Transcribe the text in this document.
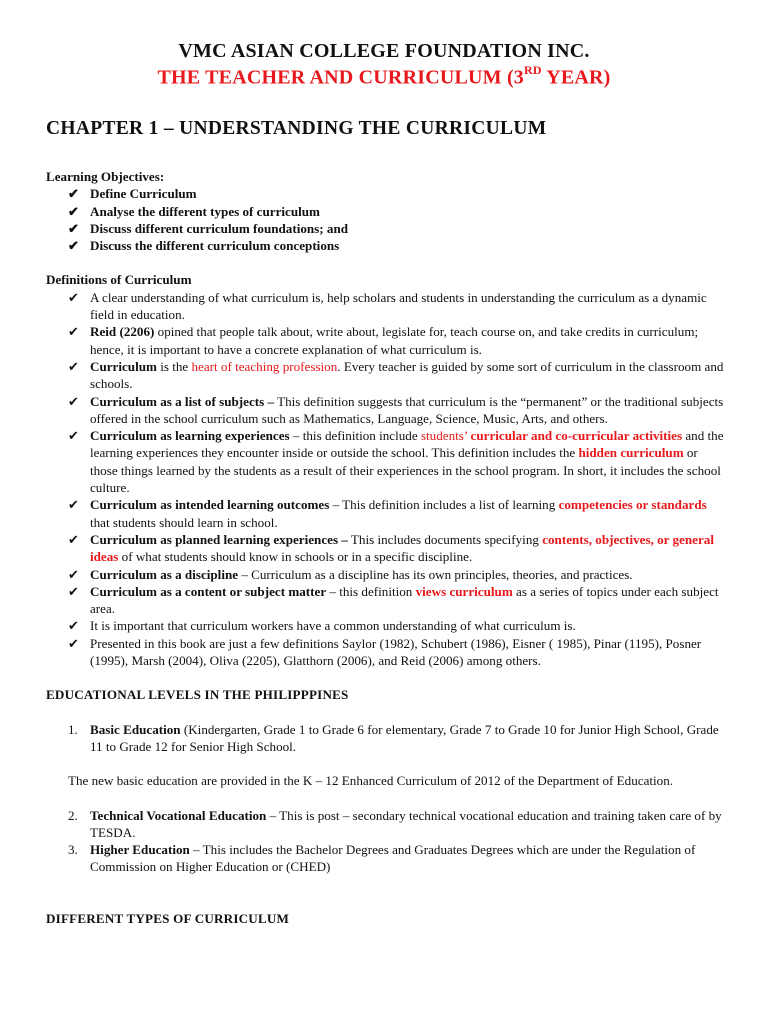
VMC ASIAN COLLEGE FOUNDATION INC.
THE TEACHER AND CURRICULUM (3RD YEAR)
CHAPTER 1 – UNDERSTANDING THE CURRICULUM

Learning Objectives:

✔ Define Curriculum
✔ Analyse the different types of curriculum
✔ Discuss different curriculum foundations; and
✔ Discuss the different curriculum conceptions

Definitions of Curriculum

✔ A clear understanding of what curriculum is, help scholars and students in understanding the curriculum as a dynamic field in education.
✔ Reid (2206) opined that people talk about, write about, legislate for, teach course on, and take credits in curriculum; hence, it is important to have a concrete explanation of what curriculum is.
✔ Curriculum is the heart of teaching profession. Every teacher is guided by some sort of curriculum in the classroom and schools.
✔ Curriculum as a list of subjects – This definition suggests that curriculum is the “permanent” or the traditional subjects offered in the school curriculum such as Mathematics, Language, Science, Music, Arts, and others.
✔ Curriculum as learning experiences – this definition include students’ curricular and co-curricular activities and the learning experiences they encounter inside or outside the school. This definition includes the hidden curriculum or those things learned by the students as a result of their experiences in the school program. In short, it includes the school culture.
✔ Curriculum as intended learning outcomes – This definition includes a list of learning competencies or standards that students should learn in school.
✔ Curriculum as planned learning experiences – This includes documents specifying contents, objectives, or general ideas of what students should know in schools or in a specific discipline.
✔ Curriculum as a discipline – Curriculum as a discipline has its own principles, theories, and practices.
✔ Curriculum as a content or subject matter – this definition views curriculum as a series of topics under each subject area.
✔ It is important that curriculum workers have a common understanding of what curriculum is.
✔ Presented in this book are just a few definitions Saylor (1982), Schubert (1986), Eisner ( 1985), Pinar (1195), Posner (1995), Marsh (2004), Oliva (2205), Glatthorn (2006), and Reid (2006) among others.

EDUCATIONAL LEVELS IN THE PHILIPPPINES

1. Basic Education (Kindergarten, Grade 1 to Grade 6 for elementary, Grade 7 to Grade 10 for Junior High School, Grade 11 to Grade 12 for Senior High School.

The new basic education are provided in the K – 12 Enhanced Curriculum of 2012 of the Department of Education.

2. Technical Vocational Education – This is post – secondary technical vocational education and training taken care of by TESDA.
3. Higher Education – This includes the Bachelor Degrees and Graduates Degrees which are under the Regulation of Commission on Higher Education or (CHED)

DIFFERENT TYPES OF CURRICULUM
